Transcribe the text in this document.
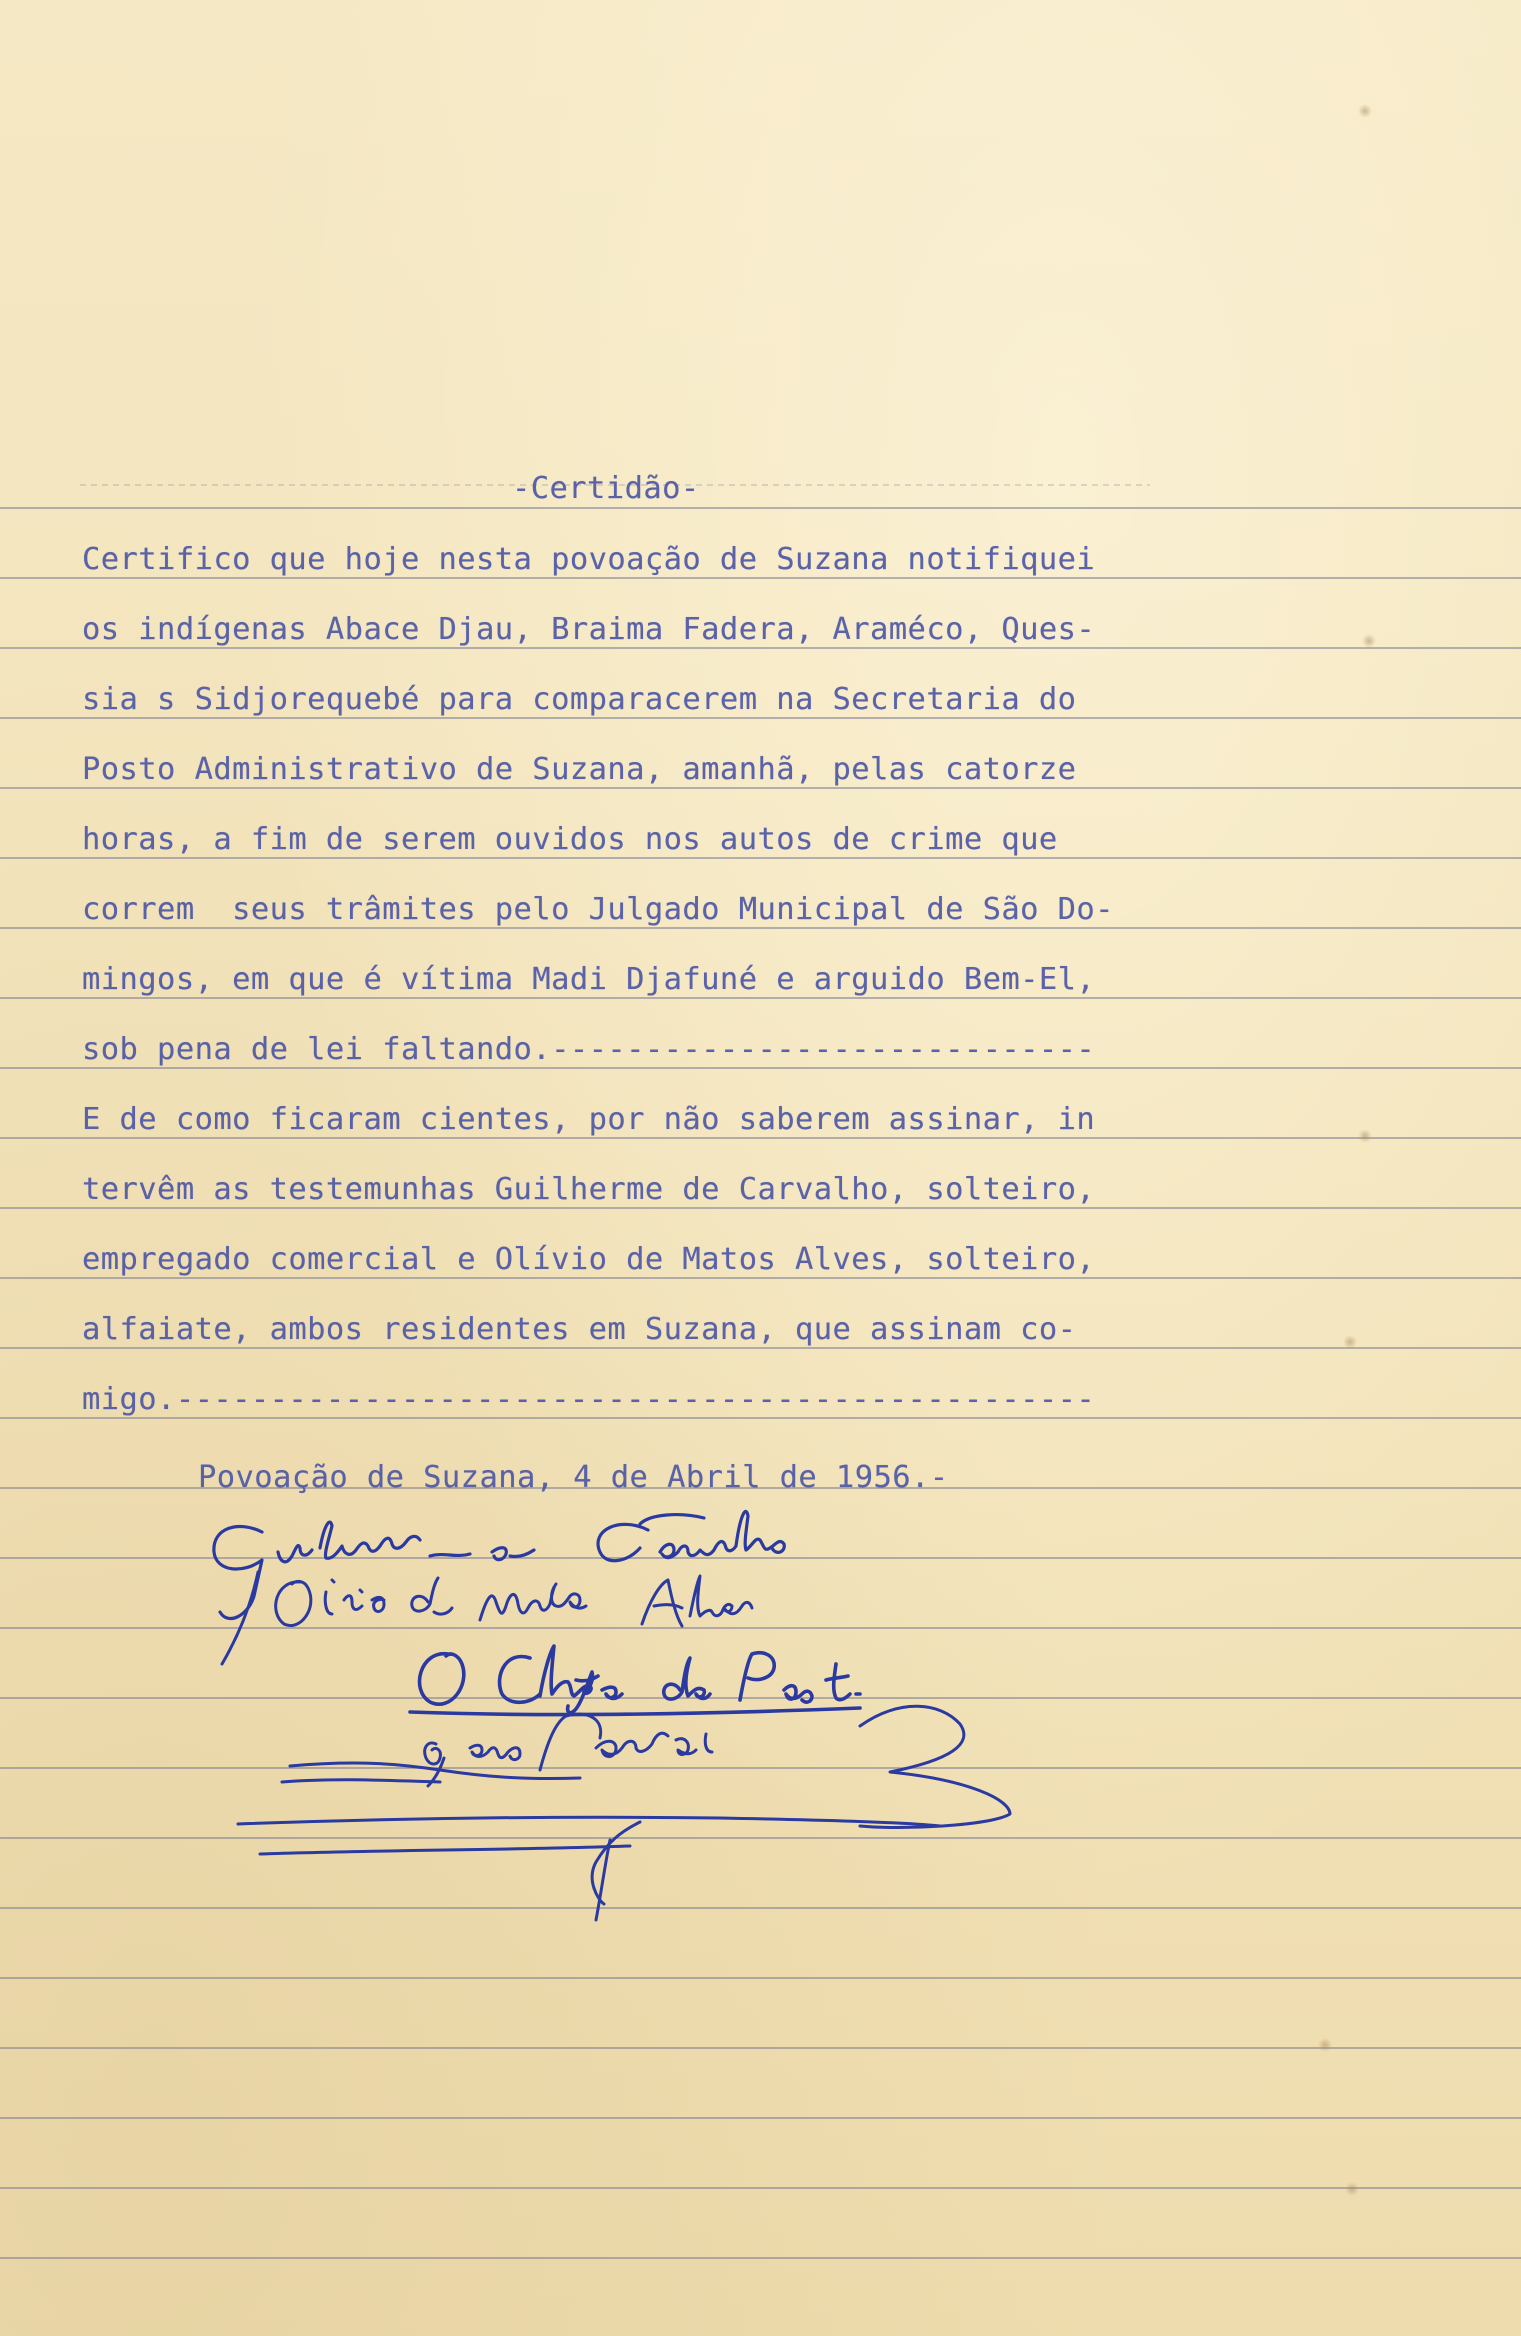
-Certidão-
Certifico que hoje nesta povoação de Suzana notifiquei
os indígenas Abace Djau, Braima Fadera, Araméco, Ques-
sia s Sidjorequebé para comparacerem na Secretaria do
Posto Administrativo de Suzana, amanhã, pelas catorze
horas, a fim de serem ouvidos nos autos de crime que
correm  seus trâmites pelo Julgado Municipal de São Do-
mingos, em que é vítima Madi Djafuné e arguido Bem-El,
sob pena de lei faltando.-----------------------------
E de como ficaram cientes, por não saberem assinar, in
tervêm as testemunhas Guilherme de Carvalho, solteiro,
empregado comercial e Olívio de Matos Alves, solteiro,
alfaiate, ambos residentes em Suzana, que assinam co-
migo.-------------------------------------------------
Povoação de Suzana, 4 de Abril de 1956.-
